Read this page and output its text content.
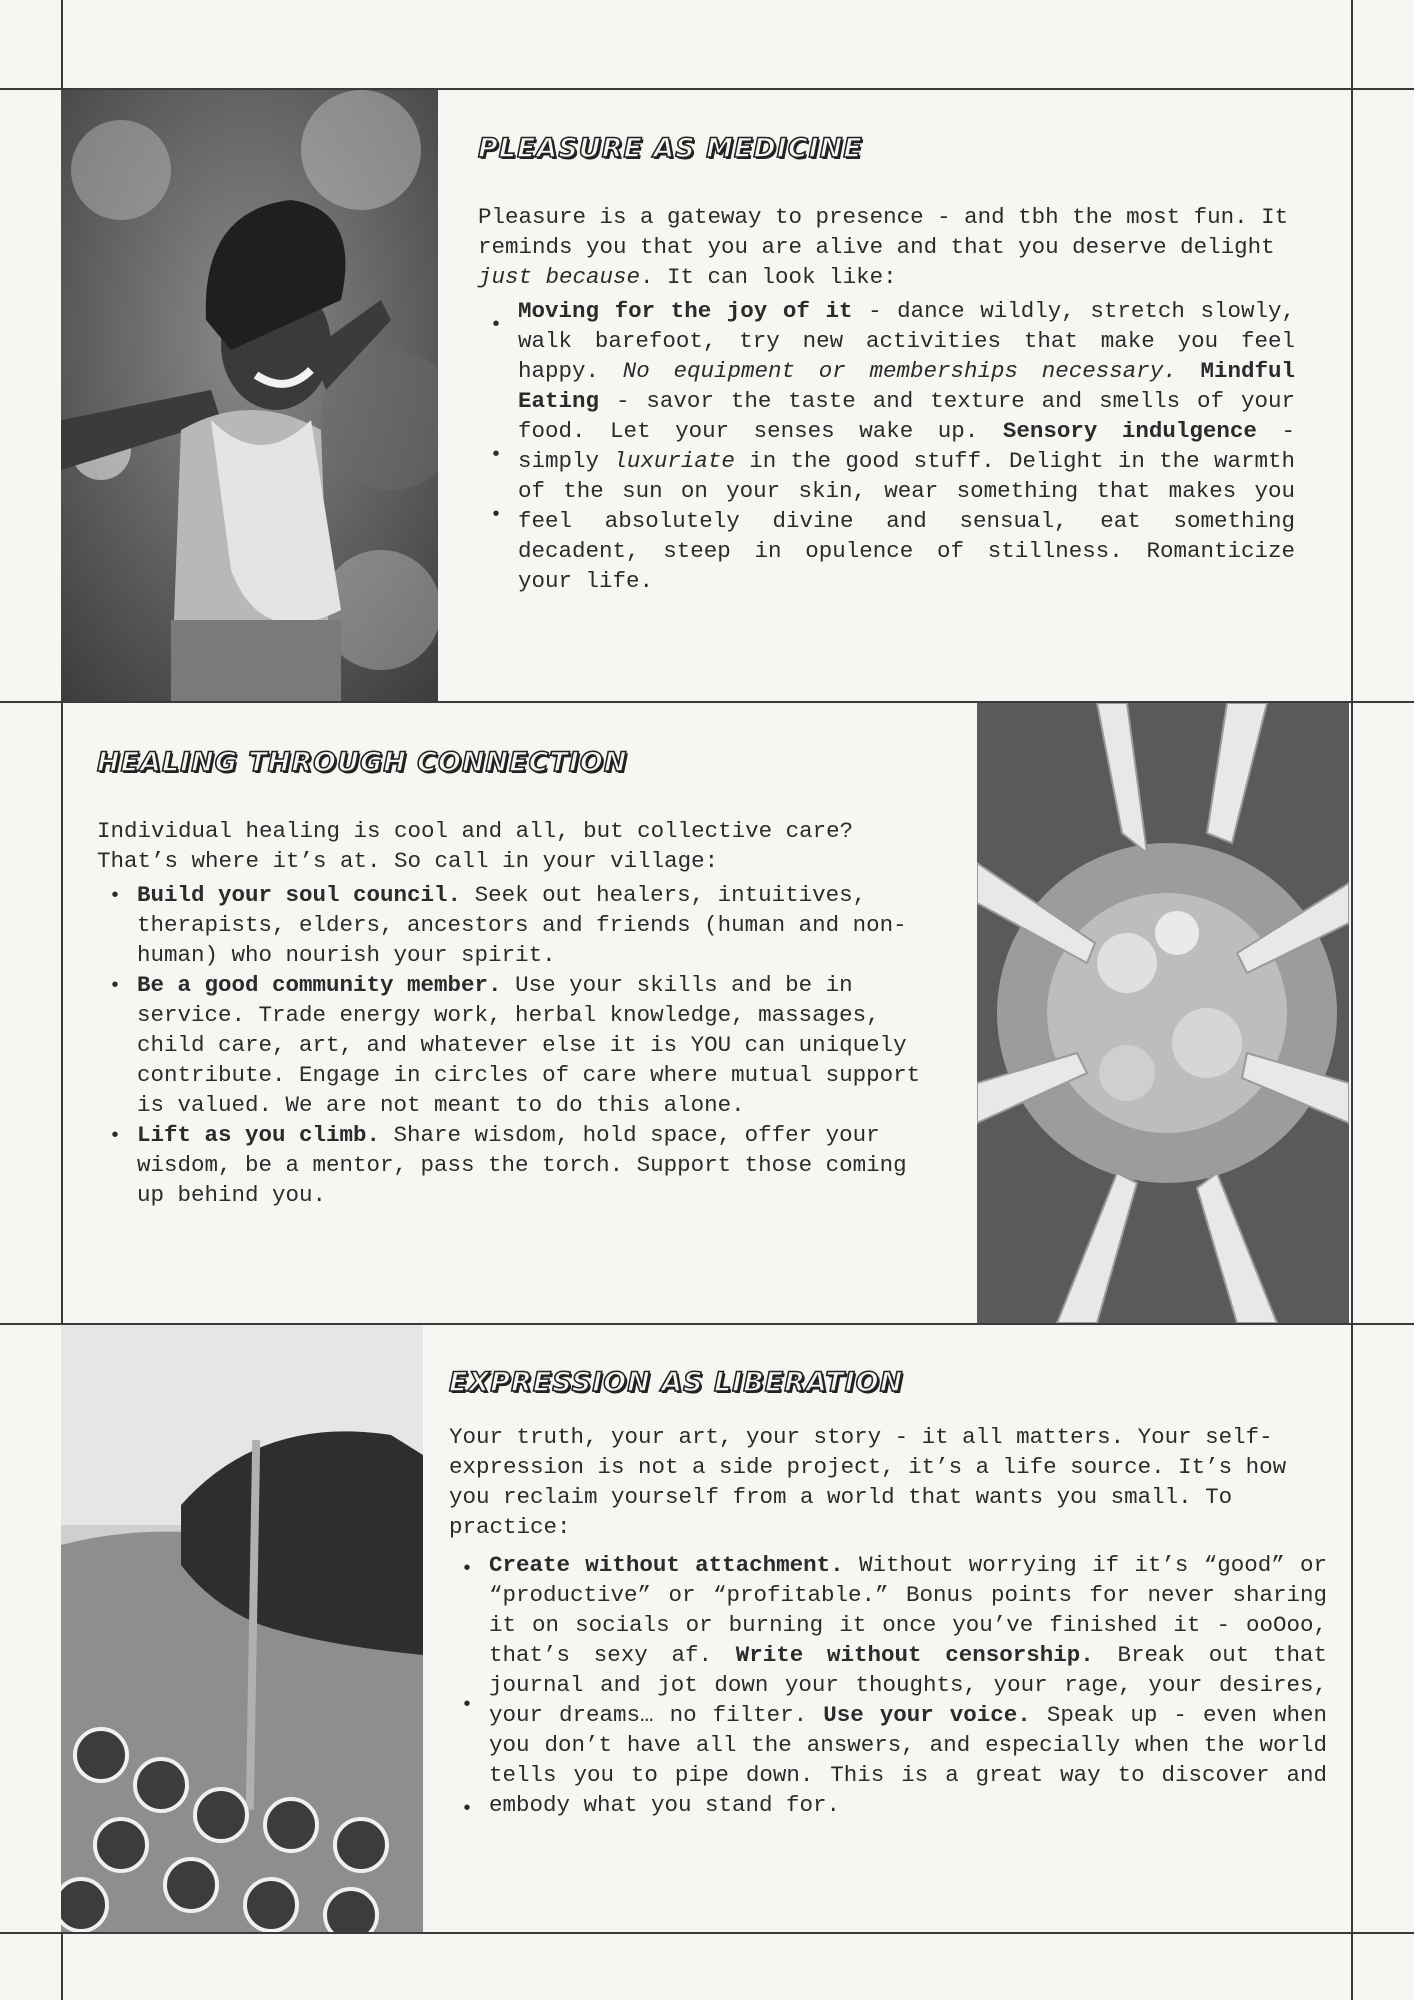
PLEASURE AS MEDICINE

Pleasure is a gateway to presence - and tbh the most fun. It reminds you that you are alive and that you deserve delight just because. It can look like:

Moving for the joy of it - dance wildly, stretch slowly, walk barefoot, try new activities that make you feel happy. No equipment or memberships necessary. Mindful Eating - savor the taste and texture and smells of your food. Let your senses wake up. Sensory indulgence - simply luxuriate in the good stuff. Delight in the warmth of the sun on your skin, wear something that makes you feel absolutely divine and sensual, eat something decadent, steep in opulence of stillness. Romanticize your life.
•
•
•
HEALING THROUGH CONNECTION

Individual healing is cool and all, but collective care? That’s where it’s at. So call in your village:

• Build your soul council. Seek out healers, intuitives, therapists, elders, ancestors and friends (human and non-human) who nourish your spirit.
• Be a good community member. Use your skills and be in service. Trade energy work, herbal knowledge, massages, child care, art, and whatever else it is YOU can uniquely contribute. Engage in circles of care where mutual support is valued. We are not meant to do this alone.
• Lift as you climb. Share wisdom, hold space, offer your wisdom, be a mentor, pass the torch. Support those coming up behind you.
EXPRESSION AS LIBERATION

Your truth, your art, your story - it all matters. Your self-expression is not a side project, it’s a life source. It’s how you reclaim yourself from a world that wants you small. To practice:

Create without attachment. Without worrying if it’s “good” or “productive” or “profitable.” Bonus points for never sharing it on socials or burning it once you’ve finished it - ooOoo, that’s sexy af. Write without censorship. Break out that journal and jot down your thoughts, your rage, your desires, your dreams… no filter. Use your voice. Speak up - even when you don’t have all the answers, and especially when the world tells you to pipe down. This is a great way to discover and embody what you stand for.
•
•
•
